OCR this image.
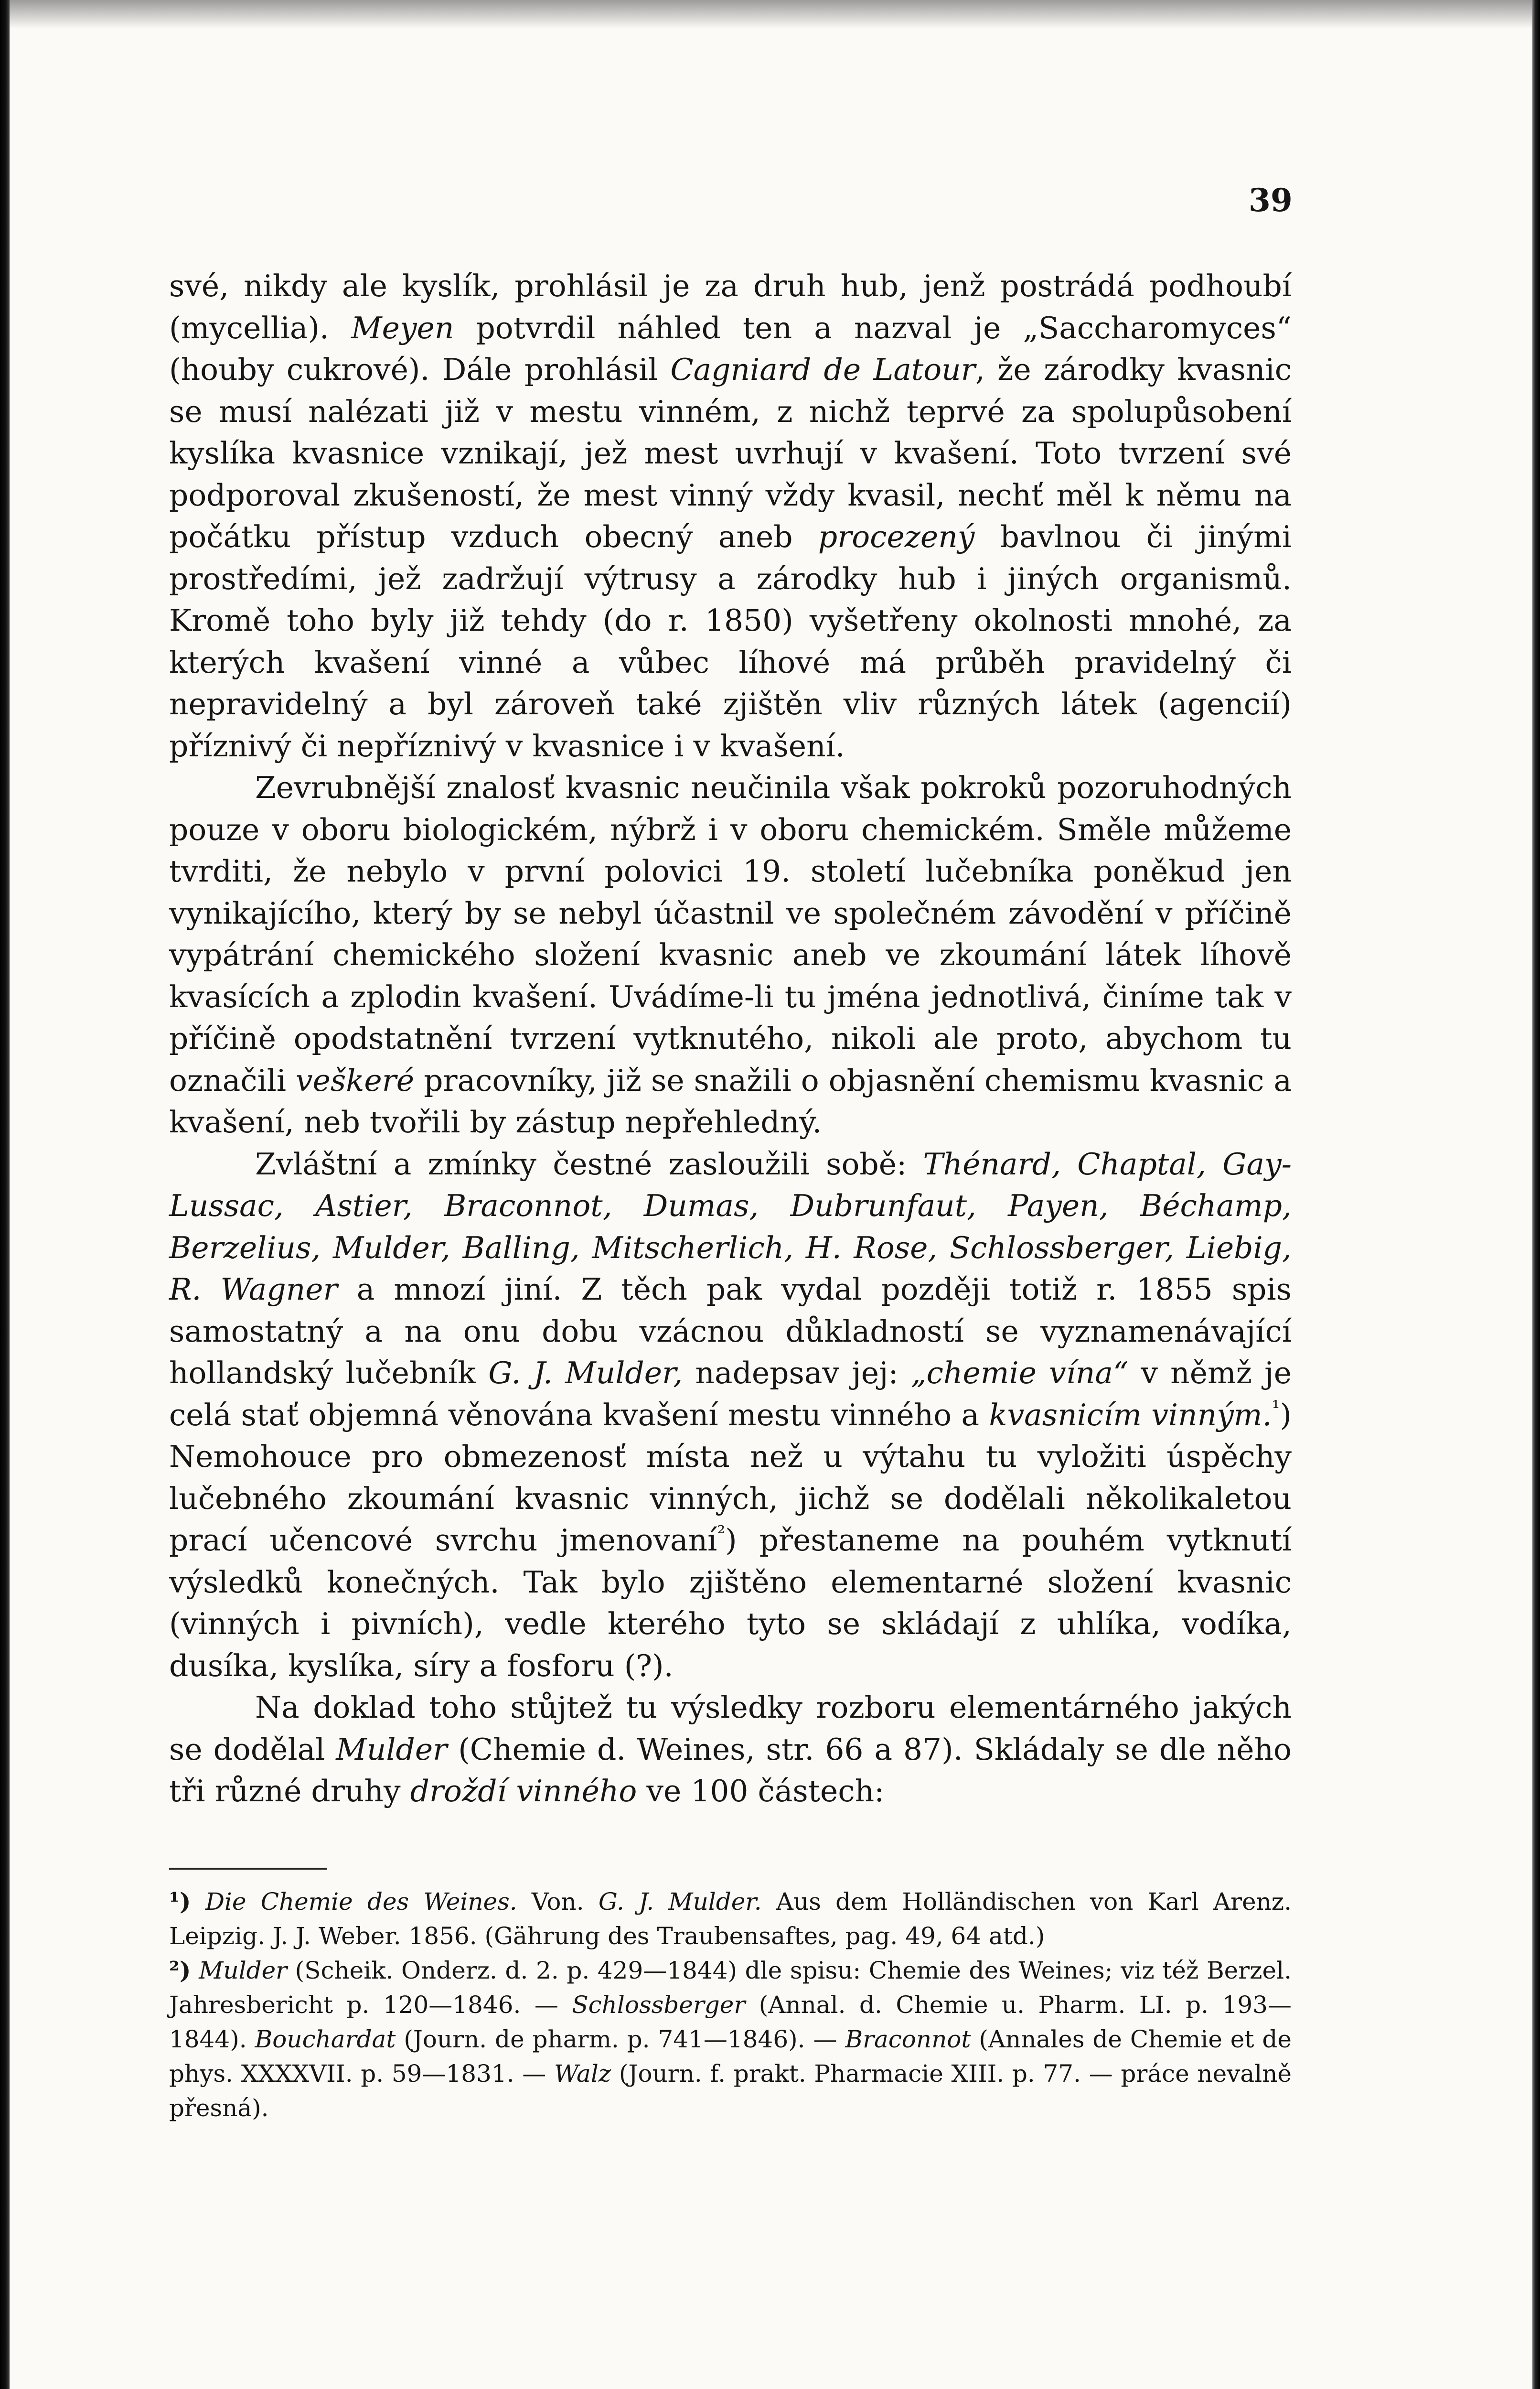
39

své, nikdy ale kyslík, prohlásil je za druh hub, jenž postrádá podhoubí (mycellia). Meyen potvrdil náhled ten a nazval je „Saccharomyces“ (houby cukrové). Dále prohlásil Cagniard de Latour, že zárodky kvasnic se musí nalézati již v mestu vinném, z nichž teprvé za spolupůsobení kyslíka kvasnice vznikají, jež mest uvrhují v kvašení. Toto tvrzení své podporoval zkušeností, že mest vinný vždy kvasil, nechť měl k němu na počátku přístup vzduch obecný aneb procezený bavlnou či jinými prostředími, jež zadržují výtrusy a zárodky hub i jiných organismů. Kromě toho byly již tehdy (do r. 1850) vyšetřeny okolnosti mnohé, za kterých kvašení vinné a vůbec líhové má průběh pravidelný či nepravidelný a byl zároveň také zjištěn vliv různých látek (agencií) příznivý či nepříznivý v kvasnice i v kvašení.

Zevrubnější znalosť kvasnic neučinila však pokroků pozoruhodných pouze v oboru biologickém, nýbrž i v oboru chemickém. Směle můžeme tvrditi, že nebylo v první polovici 19. století lučebníka poněkud jen vynikajícího, který by se nebyl účastnil ve společném závodění v příčině vypátrání chemického složení kvasnic aneb ve zkoumání látek líhově kvasících a zplodin kvašení. Uvádíme-li tu jména jednotlivá, činíme tak v příčině opodstatnění tvrzení vytknutého, nikoli ale proto, abychom tu označili veškeré pracovníky, již se snažili o objasnění chemismu kvasnic a kvašení, neb tvořili by zástup nepřehledný.

Zvláštní a zmínky čestné zasloužili sobě: Thénard, Chaptal, Gay-Lussac, Astier, Braconnot, Dumas, Dubrunfaut, Payen, Béchamp, Berzelius, Mulder, Balling, Mitscherlich, H. Rose, Schlossberger, Liebig, R. Wagner a mnozí jiní. Z těch pak vydal později totiž r. 1855 spis samostatný a na onu dobu vzácnou důkladností se vyznamenávající hollandský lučebník G. J. Mulder, nadepsav jej: „chemie vína“ v němž je celá stať objemná věnována kvašení mestu vinného a kvasnicím vinným.$^{^1}$) Nemohouce pro obmezenosť místa než u výtahu tu vyložiti úspěchy lučebného zkoumání kvasnic vinných, jichž se dodělali několikaletou prací učencové svrchu jmenovaní$^{^2}$) přestaneme na pouhém vytknutí výsledků konečných. Tak bylo zjištěno elementarné složení kvasnic (vinných i pivních), vedle kterého tyto se skládají z uhlíka, vodíka, dusíka, kyslíka, síry a fosforu (?).

Na doklad toho stůjtež tu výsledky rozboru elementárného jakých se dodělal Mulder (Chemie d. Weines, str. 66 a 87). Skládaly se dle něho tři různé druhy droždí vinného ve 100 částech:

¹) Die Chemie des Weines. Von. G. J. Mulder. Aus dem Holländischen von Karl Arenz. Leipzig. J. J. Weber. 1856. (Gährung des Traubensaftes, pag. 49, 64 atd.)

²) Mulder (Scheik. Onderz. d. 2. p. 429—1844) dle spisu: Chemie des Weines; viz též Berzel. Jahresbericht p. 120—1846. — Schlossberger (Annal. d. Chemie u. Pharm. LI. p. 193—1844). Bouchardat (Journ. de pharm. p. 741—1846). — Braconnot (Annales de Chemie et de phys. XXXXVII. p. 59—1831. — Walz (Journ. f. prakt. Pharmacie XIII. p. 77. — práce nevalně přesná).
